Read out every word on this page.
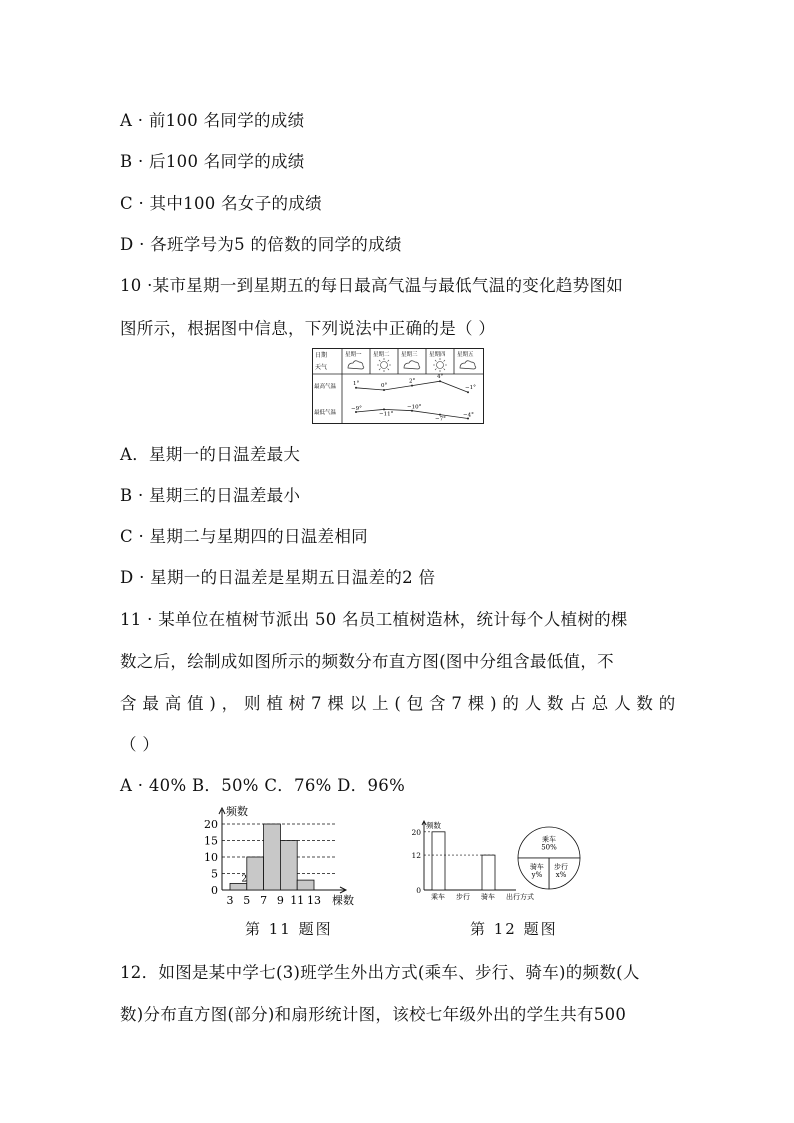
A · 前100 名同学的成绩
B · 后100 名同学的成绩
C · 其中100 名女子的成绩
D · 各班学号为5 的倍数的同学的成绩
10 ·某市星期一到星期五的每日最高气温与最低气温的变化趋势图如
图所示，根据图中信息，下列说法中正确的是（ ）
日期
天气
最高气温
最低气温
星期一 星期二 星期三 星期四 星期五
1°	0°
2°
4°
−1°
−9°
−11°
−10°
−7°
−4°
A．星期一的日温差最大
B · 星期三的日温差最小
C · 星期二与星期四的日温差相同
D · 星期一的日温差是星期五日温差的2 倍
11 · 某单位在植树节派出 50 名员工植树造林，统计每个人植树的棵
数之后，绘制成如图所示的频数分布直方图(图中分组含最低值，不
含 最 高 值 ) ， 则 植 树 7 棵 以 上 ( 包 含 7 棵 ) 的 人 数 占 总 人 数 的
（ ）
A · 40% B．50% C．76% D．96%
频数
棵数
0
5
10
15
20
2
3 5 7 9 11 13
第 11 题图
频数
0
12
20
乘车 步行 骑车 出行方式
乘车
50%
步行
x%
骑车
y%
第 12 题图
12．如图是某中学七(3)班学生外出方式(乘车、步行、骑车)的频数(人
数)分布直方图(部分)和扇形统计图，该校七年级外出的学生共有500
